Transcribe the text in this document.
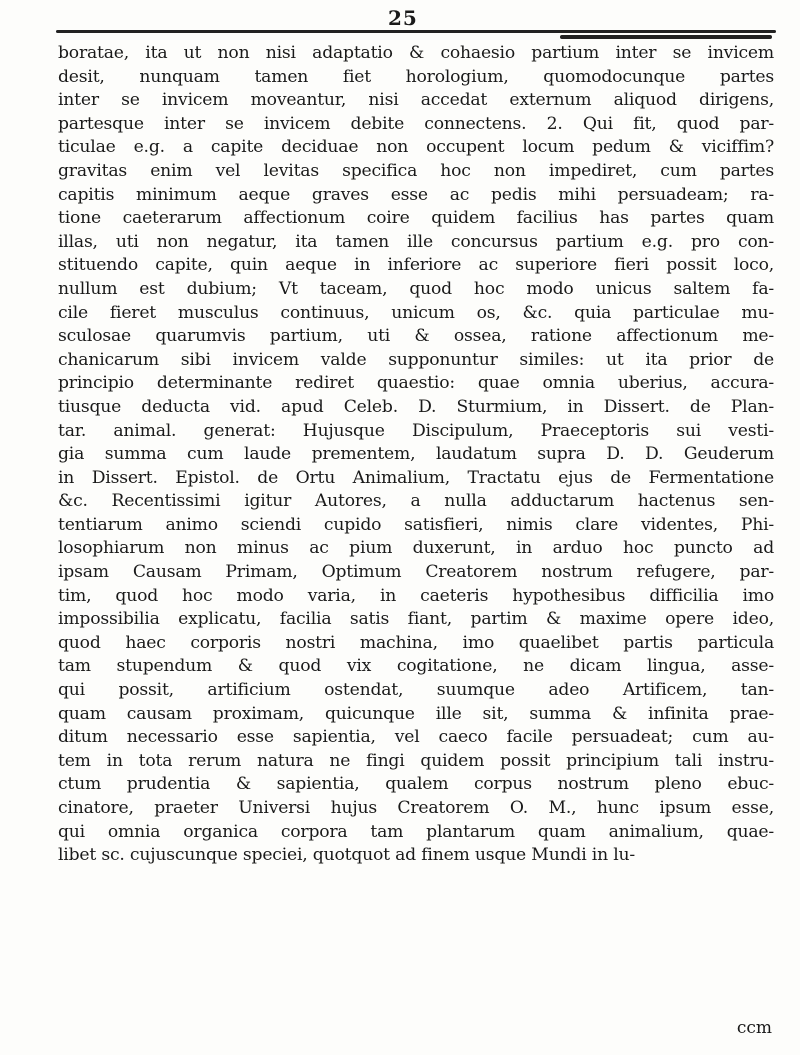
25
boratae, ita ut non nisi adaptatio & cohaesio partium inter se invicem
desit, nunquam tamen fiet horologium, quomodocunque partes
inter se invicem moveantur, nisi accedat externum aliquod dirigens,
partesque inter se invicem debite connectens. 2. Qui fit, quod par-
ticulae e.g. a capite deciduae non occupent locum pedum & viciffim?
gravitas enim vel levitas specifica hoc non impediret, cum partes
capitis minimum aeque graves esse ac pedis mihi persuadeam; ra-
tione caeterarum affectionum coire quidem facilius has partes quam
illas, uti non negatur, ita tamen ille concursus partium e.g. pro con-
stituendo capite, quin aeque in inferiore ac superiore fieri possit loco,
nullum est dubium; Vt taceam, quod hoc modo unicus saltem fa-
cile fieret musculus continuus, unicum os, &c. quia particulae mu-
sculosae quarumvis partium, uti & ossea, ratione affectionum me-
chanicarum sibi invicem valde supponuntur similes: ut ita prior de
principio determinante rediret quaestio: quae omnia uberius, accura-
tiusque deducta vid. apud Celeb. D. Sturmium, in Dissert. de Plan-
tar. animal. generat: Hujusque Discipulum, Praeceptoris sui vesti-
gia summa cum laude prementem, laudatum supra D. D. Geuderum
in Dissert. Epistol. de Ortu Animalium, Tractatu ejus de Fermentatione
&c. Recentissimi igitur Autores, a nulla adductarum hactenus sen-
tentiarum animo sciendi cupido satisfieri, nimis clare videntes, Phi-
losophiarum non minus ac pium duxerunt, in arduo hoc puncto ad
ipsam Causam Primam, Optimum Creatorem nostrum refugere, par-
tim, quod hoc modo varia, in caeteris hypothesibus difficilia imo
impossibilia explicatu, facilia satis fiant, partim & maxime opere ideo,
quod haec corporis nostri machina, imo quaelibet partis particula
tam stupendum & quod vix cogitatione, ne dicam lingua, asse-
qui possit, artificium ostendat, suumque adeo Artificem, tan-
quam causam proximam, quicunque ille sit, summa & infinita prae-
ditum necessario esse sapientia, vel caeco facile persuadeat; cum au-
tem in tota rerum natura ne fingi quidem possit principium tali instru-
ctum prudentia & sapientia, qualem corpus nostrum pleno ebuc-
cinatore, praeter Universi hujus Creatorem O. M., hunc ipsum esse,
qui omnia organica corpora tam plantarum quam animalium, quae-
libet sc. cujuscunque speciei, quotquot ad finem usque Mundi in lu-
ccm
